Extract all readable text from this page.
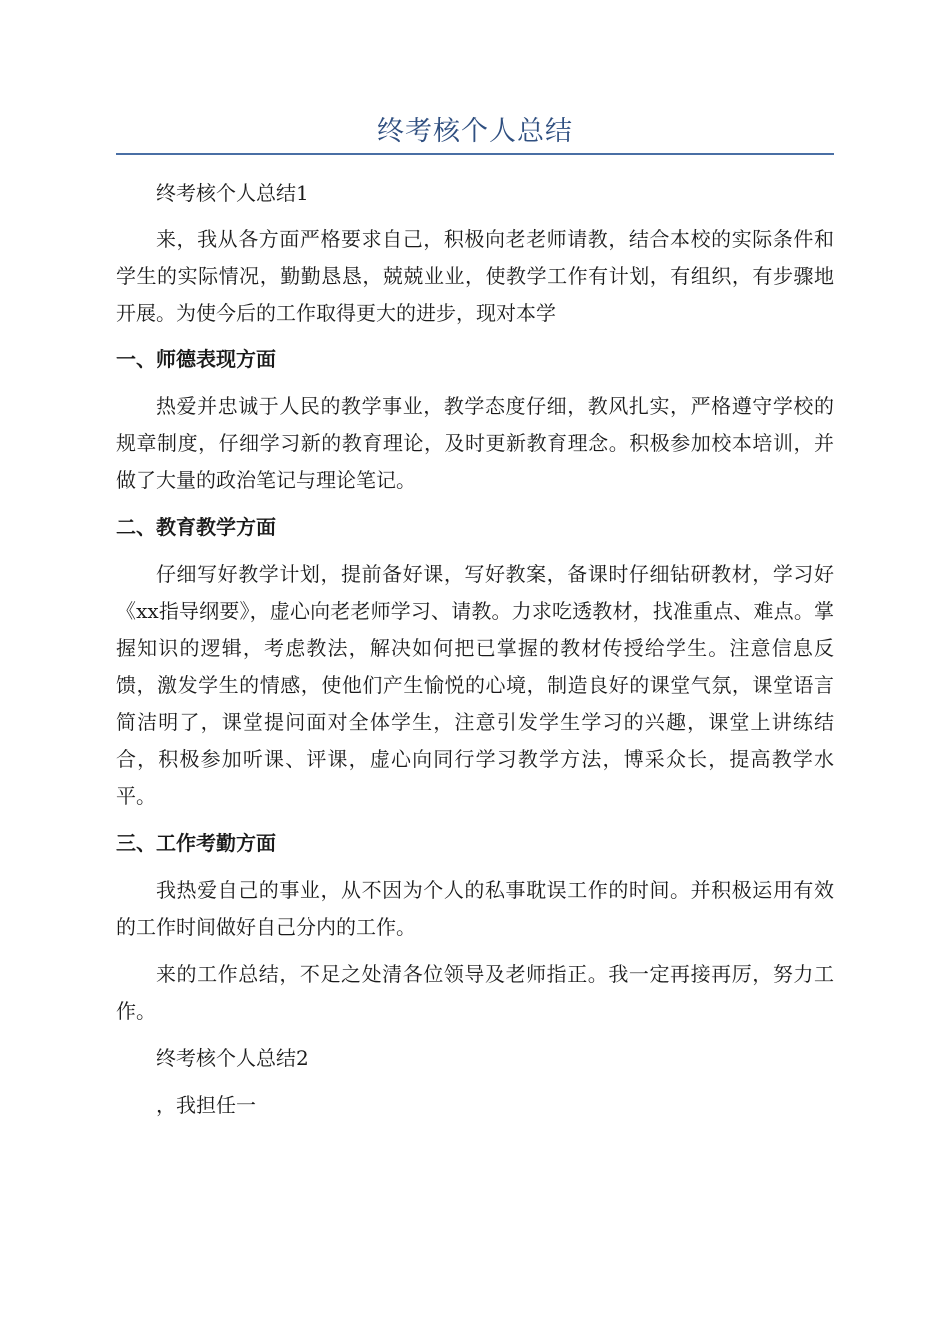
终考核个人总结

终考核个人总结1

来，我从各方面严格要求自己，积极向老老师请教，结合本校的实际条件和学生的实际情况，勤勤恳恳，兢兢业业，使教学工作有计划，有组织，有步骤地开展。为使今后的工作取得更大的进步，现对本学

一、师德表现方面

热爱并忠诚于人民的教学事业，教学态度仔细，教风扎实，严格遵守学校的规章制度，仔细学习新的教育理论，及时更新教育理念。积极参加校本培训，并做了大量的政治笔记与理论笔记。

二、教育教学方面

仔细写好教学计划，提前备好课，写好教案，备课时仔细钻研教材，学习好《xx指导纲要》，虚心向老老师学习、请教。力求吃透教材，找准重点、难点。掌握知识的逻辑，考虑教法，解决如何把已掌握的教材传授给学生。注意信息反馈，激发学生的情感，使他们产生愉悦的心境，制造良好的课堂气氛，课堂语言简洁明了，课堂提问面对全体学生，注意引发学生学习的兴趣，课堂上讲练结合，积极参加听课、评课，虚心向同行学习教学方法，博采众长，提高教学水平。

三、工作考勤方面

我热爱自己的事业，从不因为个人的私事耽误工作的时间。并积极运用有效的工作时间做好自己分内的工作。

来的工作总结，不足之处清各位领导及老师指正。我一定再接再厉，努力工作。

终考核个人总结2

，我担任一
